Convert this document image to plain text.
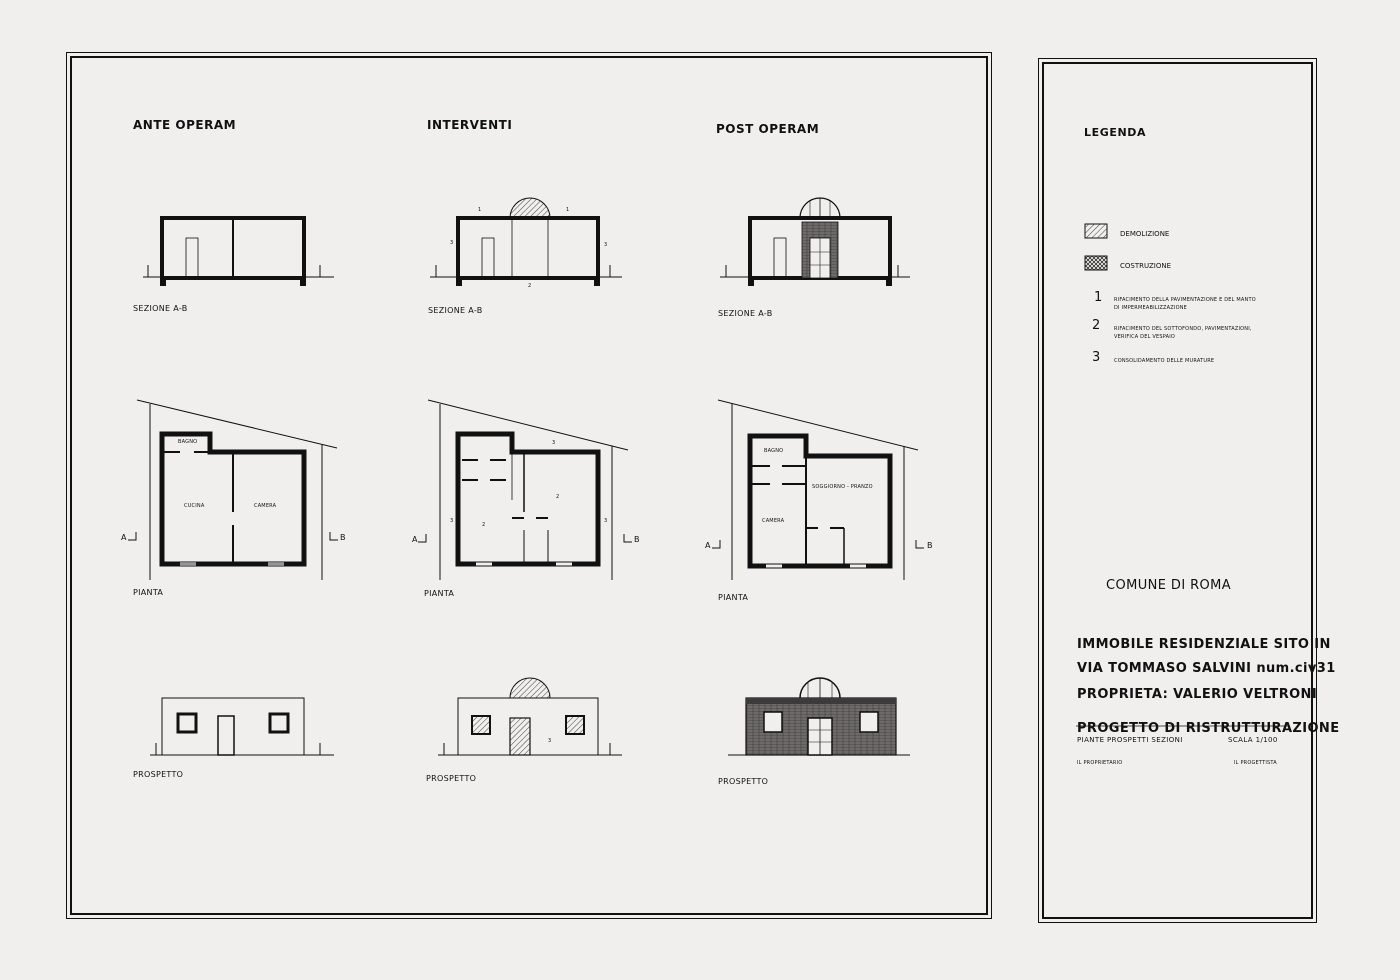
ANTE OPERAM	INTERVENTI	POST OPERAM
SEZIONE A-B	SEZIONE A-B	SEZIONE A-B
1	1
3	3
2
PIANTA	PIANTA	PIANTA
BAGNO
CUCINA	CAMERA
BAGNO
SOGGIORNO - PRANZO
CAMERA
3
3	3
2
2
3
A	B	A	B
A	B
PROSPETTO	PROSPETTO	PROSPETTO
LEGENDA
DEMOLIZIONE
COSTRUZIONE
1 RIFACIMENTO DELLA PAVIMENTAZIONE E DEL MANTO
DI IMPERMEABILIZZAZIONE
2	RIFACIMENTO DEL SOTTOFONDO, PAVIMENTAZIONI,
VERIFICA DEL VESPAIO
3	CONSOLIDAMENTO DELLE MURATURE
COMUNE DI ROMA
IMMOBILE RESIDENZIALE SITO IN
VIA TOMMASO SALVINI num.civ31
PROPRIETA: VALERIO VELTRONI
PROGETTO DI RISTRUTTURAZIONE
PIANTE PROSPETTI SEZIONI	SCALA 1/100
IL PROPRIETARIO	IL PROGETTISTA
